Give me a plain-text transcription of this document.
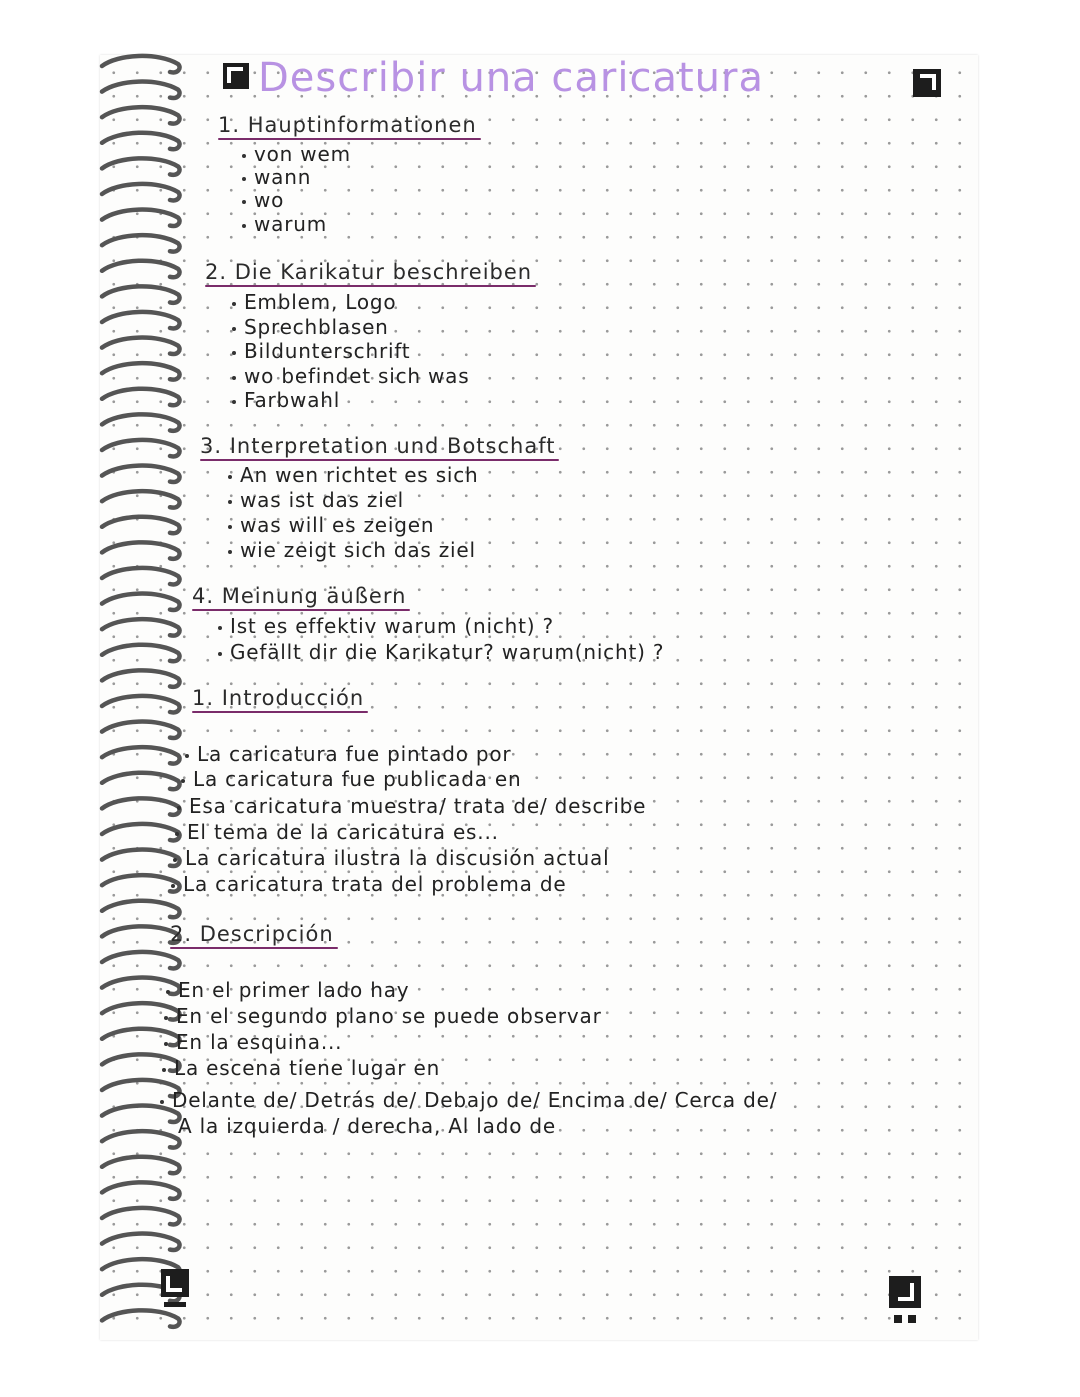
Describir una caricatura
1. Hauptinformationen
von wem
wann
wo
warum
2. Die Karikatur beschreiben
Emblem, Logo
Sprechblasen
Bildunterschrift
wo befindet sich was
Farbwahl
3. Interpretation und Botschaft
An wen richtet es sich
was ist das ziel
was will es zeigen
wie zeigt sich das ziel
4. Meinung äußern
Ist es effektiv warum (nicht) ?
Gefällt dir die Karikatur? warum(nicht) ?
1. Introducción
La caricatura fue pintado por
La caricatura fue publicada en
Esa caricatura muestra/ trata de/ describe
El tema de la caricatura es...
La caricatura ilustra la discusión actual
La caricatura trata del problema de
2. Descripción
En el primer lado hay
En el segundo plano se puede observar
En la esquina...
La escena tiene lugar en
Delante de/ Detrás de/ Debajo de/ Encima de/ Cerca de/
A la izquierda / derecha, Al lado de
